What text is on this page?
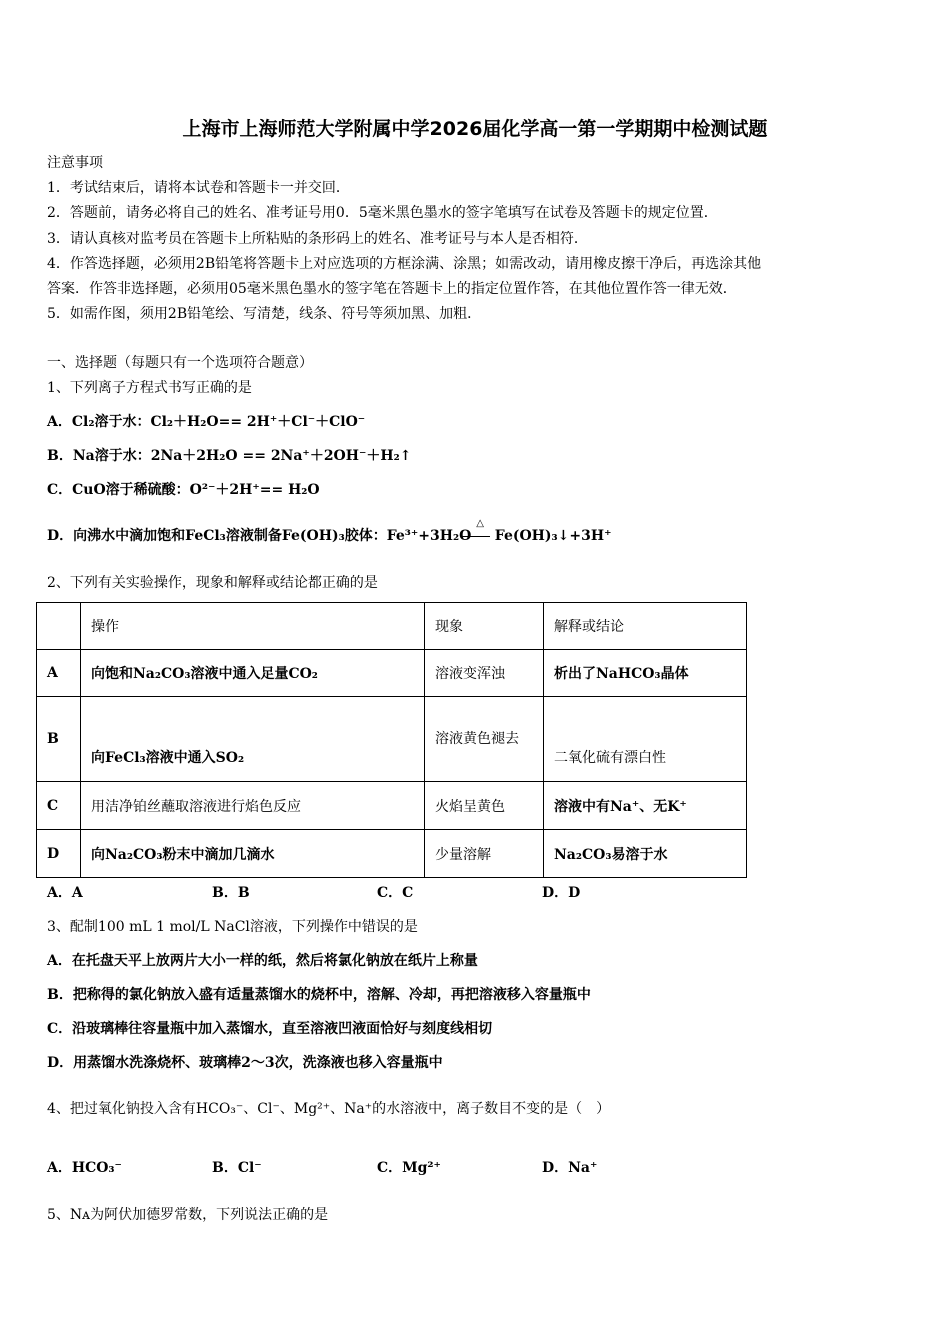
上海市上海师范大学附属中学2026届化学高一第一学期期中检测试题
注意事项
1．考试结束后，请将本试卷和答题卡一并交回．
2．答题前，请务必将自己的姓名、准考证号用0．5毫米黑色墨水的签字笔填写在试卷及答题卡的规定位置．
3．请认真核对监考员在答题卡上所粘贴的条形码上的姓名、准考证号与本人是否相符．
4．作答选择题，必须用2B铅笔将答题卡上对应选项的方框涂满、涂黑；如需改动，请用橡皮擦干净后，再选涂其他
答案．作答非选择题，必须用05毫米黑色墨水的签字笔在答题卡上的指定位置作答，在其他位置作答一律无效．
5．如需作图，须用2B铅笔绘、写清楚，线条、符号等须加黑、加粗．
一、选择题（每题只有一个选项符合题意）
1、下列离子方程式书写正确的是
A．Cl₂溶于水：Cl₂＋H₂O== 2H⁺＋Cl⁻＋ClO⁻
B．Na溶于水：2Na＋2H₂O == 2Na⁺＋2OH⁻＋H₂↑
C．CuO溶于稀硫酸：O²⁻＋2H⁺== H₂O
D．向沸水中滴加饱和FeCl₃溶液制备Fe(OH)₃胶体：Fe³⁺+3H₂O △ Fe(OH)₃↓+3H⁺
2、下列有关实验操作，现象和解释或结论都正确的是
	操作	现象	解释或结论
A	向饱和Na₂CO₃溶液中通入足量CO₂	溶液变浑浊	析出了NaHCO₃晶体
B	向FeCl₃溶液中通入SO₂	溶液黄色褪去	二氧化硫有漂白性
C	用洁净铂丝蘸取溶液进行焰色反应	火焰呈黄色	溶液中有Na⁺、无K⁺
D	向Na₂CO₃粉末中滴加几滴水	少量溶解	Na₂CO₃易溶于水
A．A	B．B	C．C	D．D
3、配制100 mL 1 mol/L NaCl溶液，下列操作中错误的是
A．在托盘天平上放两片大小一样的纸，然后将氯化钠放在纸片上称量
B．把称得的氯化钠放入盛有适量蒸馏水的烧杯中，溶解、冷却，再把溶液移入容量瓶中
C．沿玻璃棒往容量瓶中加入蒸馏水，直至溶液凹液面恰好与刻度线相切
D．用蒸馏水洗涤烧杯、玻璃棒2～3次，洗涤液也移入容量瓶中
4、把过氧化钠投入含有HCO₃⁻、Cl⁻、Mg²⁺、Na⁺的水溶液中，离子数目不变的是（　）
A．HCO₃⁻	B．Cl⁻	C．Mg²⁺	D．Na⁺
5、Nᴀ为阿伏加德罗常数，下列说法正确的是
